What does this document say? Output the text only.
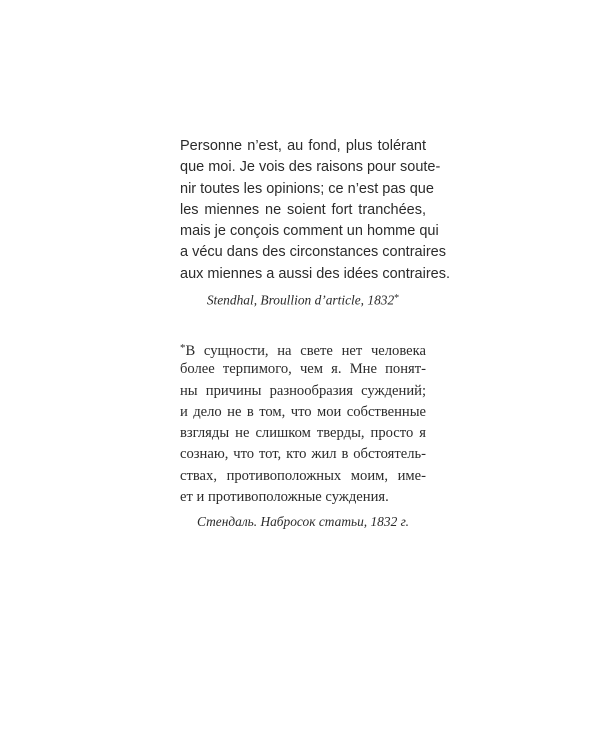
Personne n’est, au fond, plus tolérant
que moi. Je vois des raisons pour soute-
nir toutes les opinions; ce n’est pas que
les miennes ne soient fort tranchées,
mais je conçois comment un homme qui
a vécu dans des circonstances contraires
aux miennes a aussi des idées contraires.
Stendhal, Broullion d’article, 1832*
*В сущности, на свете нет человека
более терпимого, чем я. Мне понят-
ны причины разнообразия суждений;
и дело не в том, что мои собственные
взгляды не слишком тверды, просто я
сознаю, что тот, кто жил в обстоятель-
ствах, противоположных моим, име-
ет и противоположные суждения.
Стендаль. Набросок статьи, 1832 г.
